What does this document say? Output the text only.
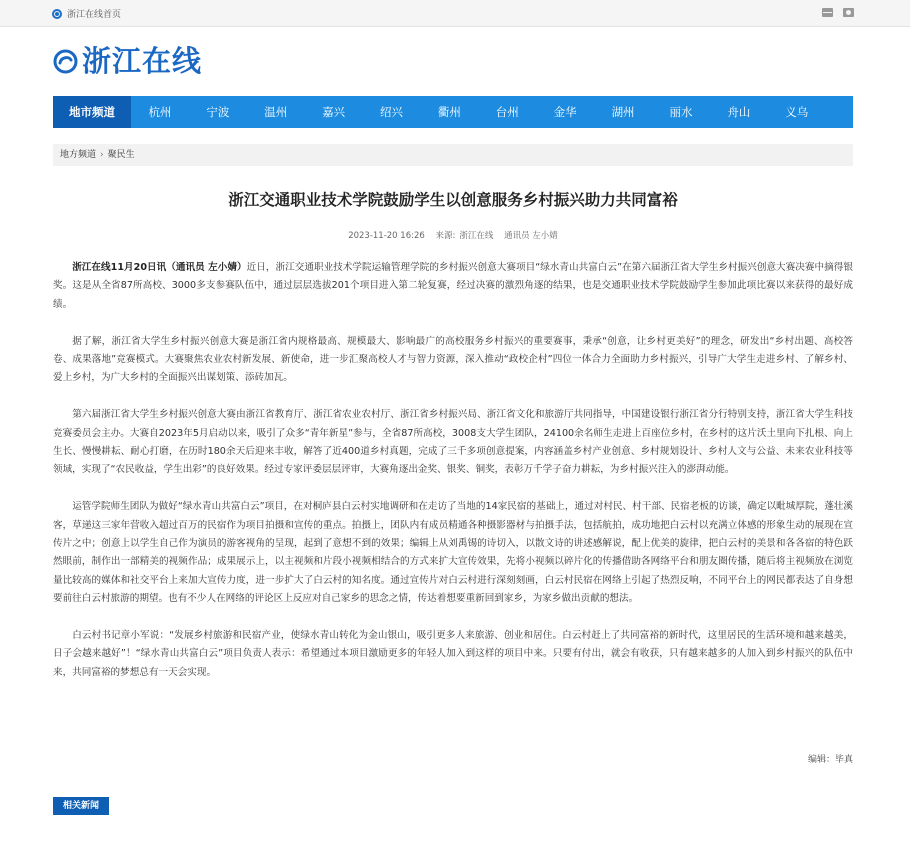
浙江在线首页
浙江在线
地市频道	杭州	宁波	温州	嘉兴	绍兴	衢州	台州	金华	湖州	丽水	舟山	义乌
地方频道 › 聚民生
浙江交通职业技术学院鼓励学生以创意服务乡村振兴助力共同富裕
2023-11-20 16:26 来源: 浙江在线 通讯员 左小婧

浙江在线11月20日讯（通讯员 左小婧）近日，浙江交通职业技术学院运输管理学院的乡村振兴创意大赛项目“绿水青山共富白云”在第六届浙江省大学生乡村振兴创意大赛决赛中摘得银奖。这是从全省87所高校、3000多支参赛队伍中，通过层层选拔201个项目进入第二轮复赛，经过决赛的激烈角逐的结果，也是交通职业技术学院鼓励学生参加此项比赛以来获得的最好成绩。

据了解，浙江省大学生乡村振兴创意大赛是浙江省内规格最高、规模最大、影响最广的高校服务乡村振兴的重要赛事，秉承“创意，让乡村更美好”的理念，研发出“乡村出题、高校答卷、成果落地”竞赛模式。大赛聚焦农业农村新发展、新使命，进一步汇聚高校人才与智力资源，深入推动“政校企村”四位一体合力全面助力乡村振兴，引导广大学生走进乡村、了解乡村、爱上乡村，为广大乡村的全面振兴出谋划策、添砖加瓦。

第六届浙江省大学生乡村振兴创意大赛由浙江省教育厅、浙江省农业农村厅、浙江省乡村振兴局、浙江省文化和旅游厅共同指导，中国建设银行浙江省分行特别支持，浙江省大学生科技竞赛委员会主办。大赛自2023年5月启动以来，吸引了众多“青年新星”参与，全省87所高校，3008支大学生团队，24100余名师生走进上百座位乡村，在乡村的这片沃土里向下扎根、向上生长、慢慢耕耘、耐心打磨，在历时180余天后迎来丰收，解答了近400道乡村真题，完成了三千多项创意提案，内容涵盖乡村产业创意、乡村规划设计、乡村人文与公益、未来农业科技等领域，实现了“农民收益，学生出彩”的良好效果。经过专家评委层层评审，大赛角逐出金奖、银奖、铜奖，表彰万千学子奋力耕耘，为乡村振兴注入的澎湃动能。

运管学院师生团队为做好“绿水青山共富白云”项目，在对桐庐县白云村实地调研和在走访了当地的14家民宿的基础上，通过对村民、村干部、民宿老板的访谈，确定以毗城厚院，蓬壮溪客，草递这三家年营收入超过百万的民宿作为项目拍摄和宣传的重点。拍摄上，团队内有成员精通各种摄影器材与拍摄手法，包括航拍，成功地把白云村以充满立体感的形象生动的展现在宣传片之中；创意上以学生自己作为演员的游客视角的呈现，起到了意想不到的效果；编辑上从刘禹锡的诗切入，以散文诗的讲述感解说，配上优美的旋律，把白云村的美景和各各宿的特色跃然眼前，制作出一部精美的视频作品；成果展示上，以主视频和片段小视频相结合的方式来扩大宣传效果，先将小视频以碎片化的传播借助各网络平台和朋友圈传播，随后将主视频放在浏览量比较高的媒体和社交平台上来加大宣传力度，进一步扩大了白云村的知名度。通过宣传片对白云村进行深刻刻画，白云村民宿在网络上引起了热烈反响，不同平台上的网民都表达了自身想要前往白云村旅游的期望。也有不少人在网络的评论区上反应对自己家乡的思念之情，传达着想要重新回到家乡，为家乡做出贡献的想法。

白云村书记章小军说：“发展乡村旅游和民宿产业，使绿水青山转化为金山银山，吸引更多人来旅游、创业和居住。白云村赶上了共同富裕的新时代，这里居民的生活环境和越来越美，日子会越来越好”！“绿水青山共富白云”项目负责人表示：希望通过本项目激励更多的年轻人加入到这样的项目中来。只要有付出，就会有收获，只有越来越多的人加入到乡村振兴的队伍中来，共同富裕的梦想总有一天会实现。

编辑：毕真
相关新闻
